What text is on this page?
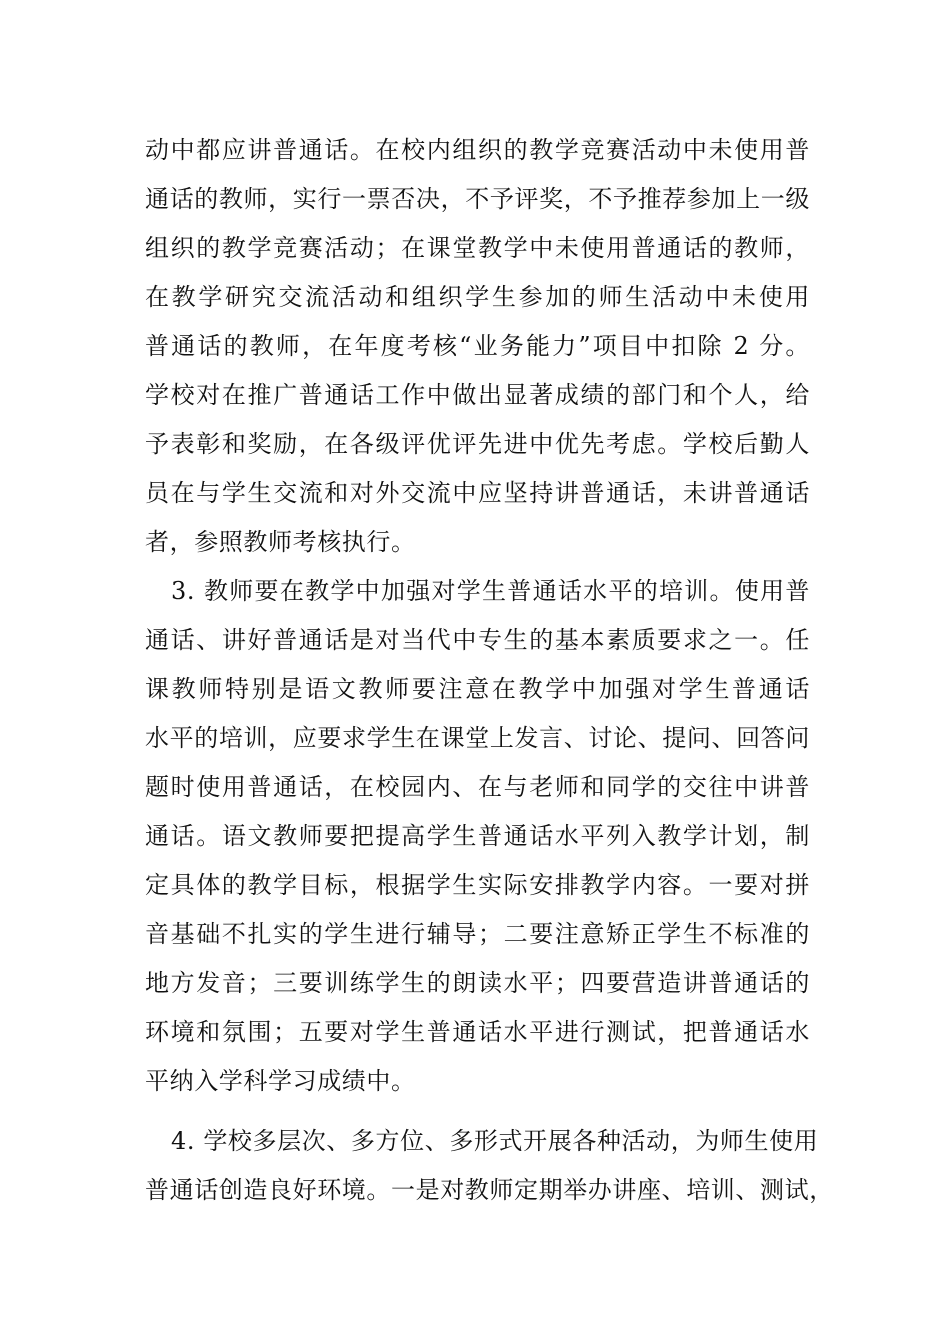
动中都应讲普通话。在校内组织的教学竞赛活动中未使用普
通话的教师，实行一票否决，不予评奖，不予推荐参加上一级
组织的教学竞赛活动；在课堂教学中未使用普通话的教师，
在教学研究交流活动和组织学生参加的师生活动中未使用
普通话的教师，在年度考核“业务能力”项目中扣除 2 分。
学校对在推广普通话工作中做出显著成绩的部门和个人，给
予表彰和奖励，在各级评优评先进中优先考虑。学校后勤人
员在与学生交流和对外交流中应坚持讲普通话，未讲普通话
者，参照教师考核执行。
3. 教师要在教学中加强对学生普通话水平的培训。使用普
通话、讲好普通话是对当代中专生的基本素质要求之一。任
课教师特别是语文教师要注意在教学中加强对学生普通话
水平的培训，应要求学生在课堂上发言、讨论、提问、回答问
题时使用普通话，在校园内、在与老师和同学的交往中讲普
通话。语文教师要把提高学生普通话水平列入教学计划，制
定具体的教学目标，根据学生实际安排教学内容。一要对拼
音基础不扎实的学生进行辅导；二要注意矫正学生不标准的
地方发音；三要训练学生的朗读水平；四要营造讲普通话的
环境和氛围；五要对学生普通话水平进行测试，把普通话水
平纳入学科学习成绩中。
4. 学校多层次、多方位、多形式开展各种活动，为师生使用
普通话创造良好环境。一是对教师定期举办讲座、培训、测试，
